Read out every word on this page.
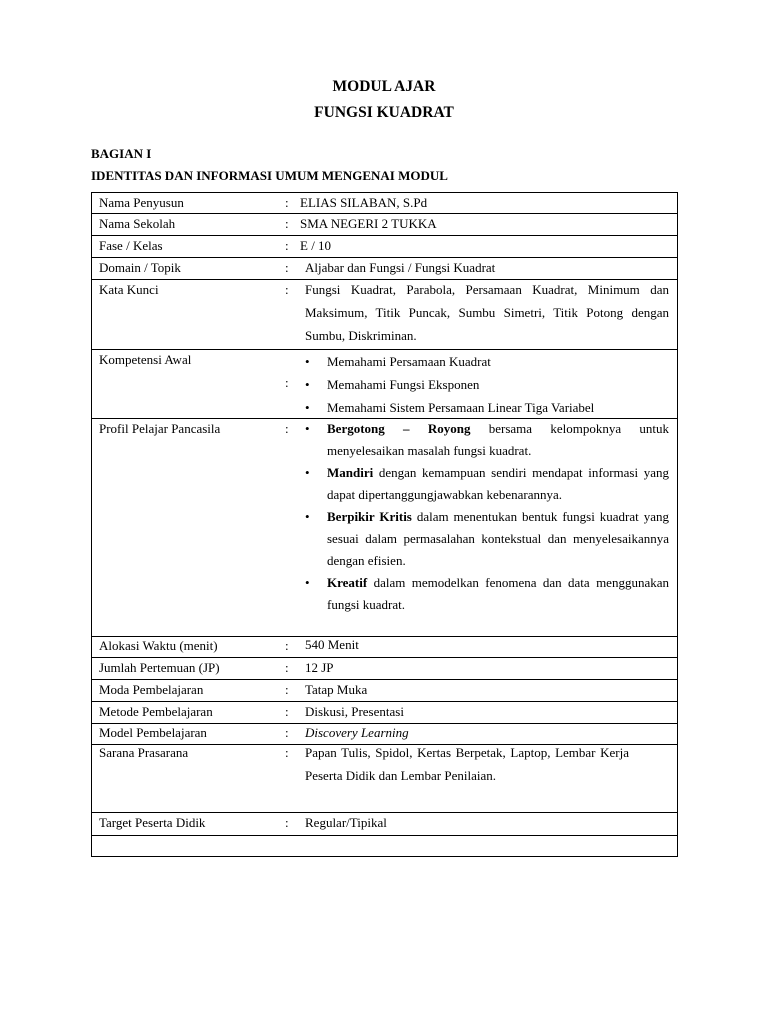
MODUL AJAR
FUNGSI KUADRAT
BAGIAN I
IDENTITAS DAN INFORMASI UMUM MENGENAI MODUL
Nama Penyusun	: ELIAS SILABAN, S.Pd

Nama Sekolah	: SMA NEGERI 2 TUKKA

Fase / Kelas	: E / 10

Domain / Topik	: Aljabar dan Fungsi / Fungsi Kuadrat

Kata Kunci	: Fungsi Kuadrat, Parabola, Persamaan Kuadrat, Minimum dan Maksimum, Titik Puncak, Sumbu Simetri, Titik Potong dengan Sumbu, Diskriminan.

Kompetensi Awal
:
• Memahami Persamaan Kuadrat
• Memahami Fungsi Eksponen
• Memahami Sistem Persamaan Linear Tiga Variabel

Profil Pelajar Pancasila	: • Bergotong – Royong bersama kelompoknya untuk menyelesaikan masalah fungsi kuadrat.
• Mandiri dengan kemampuan sendiri mendapat informasi yang dapat dipertanggungjawabkan kebenarannya.
• Berpikir Kritis dalam menentukan bentuk fungsi kuadrat yang sesuai dalam permasalahan kontekstual dan menyelesaikannya dengan efisien.
• Kreatif dalam memodelkan fenomena dan data menggunakan fungsi kuadrat.

Alokasi Waktu (menit)	: 540 Menit

Jumlah Pertemuan (JP)	: 12 JP

Moda Pembelajaran	: Tatap Muka

Metode Pembelajaran	: Diskusi, Presentasi

Model Pembelajaran	: Discovery Learning

Sarana Prasarana	: Papan Tulis, Spidol, Kertas Berpetak, Laptop, Lembar Kerja Peserta Didik dan Lembar Penilaian.

Target Peserta Didik	: Regular/Tipikal
